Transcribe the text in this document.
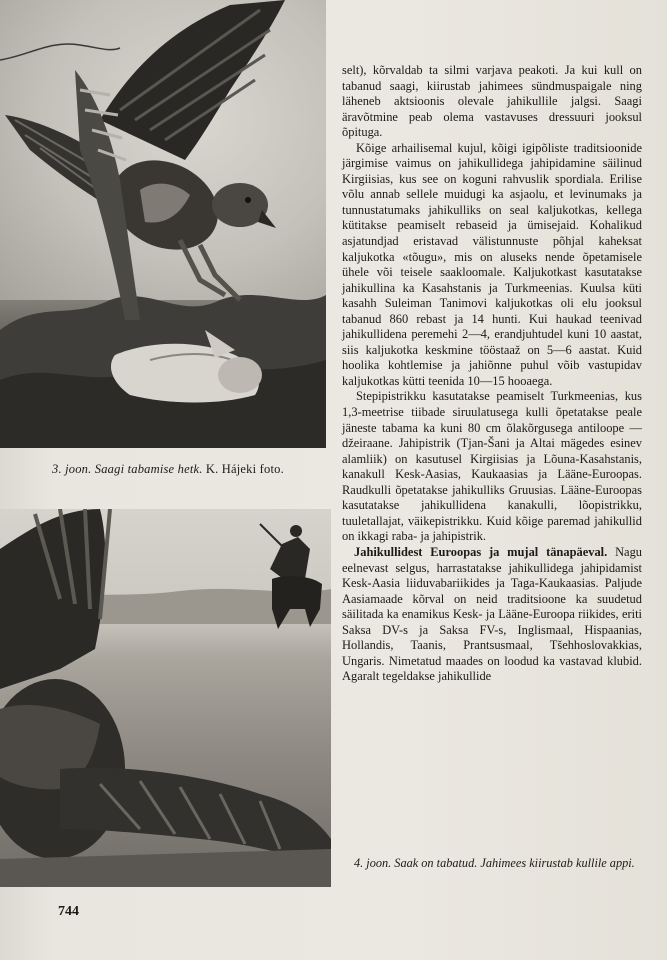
3. joon. Saagi tabamise hetk. K. Hájeki foto.

selt), kõrvaldab ta silmi varjava peakoti. Ja kui kull on tabanud saagi, kiirustab jahimees sündmuspaigale ning läheneb aktsioonis olevale jahikullile jalgsi. Saagi äravõtmine peab olema vastavuses dressuuri jooksul õpituga.

Kõige arhailisemal kujul, kõigi igipõliste traditsioonide järgimise vaimus on jahikullidega jahipidamine säilinud Kirgiisias, kus see on koguni rahvuslik spordiala. Erilise võlu annab sellele muidugi ka asjaolu, et levinumaks ja tunnustatumaks jahikulliks on seal kaljukotkas, kellega kütitakse peamiselt rebaseid ja ümisejaid. Kohalikud asjatundjad eristavad välistunnuste põhjal kaheksat kaljukotka «tõugu», mis on aluseks nende õpetamisele ühele või teisele saakloomale. Kaljukotkast kasutatakse jahikullina ka Kasahstanis ja Turkmeenias. Kuulsa küti kasahh Suleiman Tanimovi kaljukotkas oli elu jooksul tabanud 860 rebast ja 14 hunti. Kui haukad teenivad jahikullidena peremehi 2—4, erandjuhtudel kuni 10 aastat, siis kaljukotka keskmine tööstaaž on 5—6 aastat. Kuid hoolika kohtlemise ja jahiõnne puhul võib vastupidav kaljukotkas kütti teenida 10—15 hooaega.

Stepipistrikku kasutatakse peamiselt Turkmeenias, kus 1,3-meetrise tiibade siruulatusega kulli õpetatakse peale jäneste tabama ka kuni 80 cm õlakõrgusega antiloope — džeiraane. Jahipistrik (Tjan-Šani ja Altai mägedes esinev alamliik) on kasutusel Kirgiisias ja Lõuna-Kasahstanis, kanakull Kesk-Aasias, Kaukaasias ja Lääne-Euroopas. Raudkulli õpetatakse jahikulliks Gruusias. Lääne-Euroopas kasutatakse jahikullidena kanakulli, lõopistrikku, tuuletallajat, väikepistrikku. Kuid kõige paremad jahikullid on ikkagi raba- ja jahipistrik.

Jahikullidest Euroopas ja mujal tänapäeval. Nagu eelnevast selgus, harrastatakse jahikullidega jahipidamist Kesk-Aasia liiduvabariikides ja Taga-Kaukaasias. Paljude Aasiamaade kõrval on neid traditsioone ka suudetud säilitada ka enamikus Kesk- ja Lääne-Euroopa riikides, eriti Saksa DV-s ja Saksa FV-s, Inglismaal, Hispaanias, Hollandis, Taanis, Prantsusmaal, Tšehhoslovakkias, Ungaris. Nimetatud maades on loodud ka vastavad klubid. Agaralt tegeldakse jahikullide

4. joon. Saak on tabatud. Jahimees kiirustab kullile appi.
744
